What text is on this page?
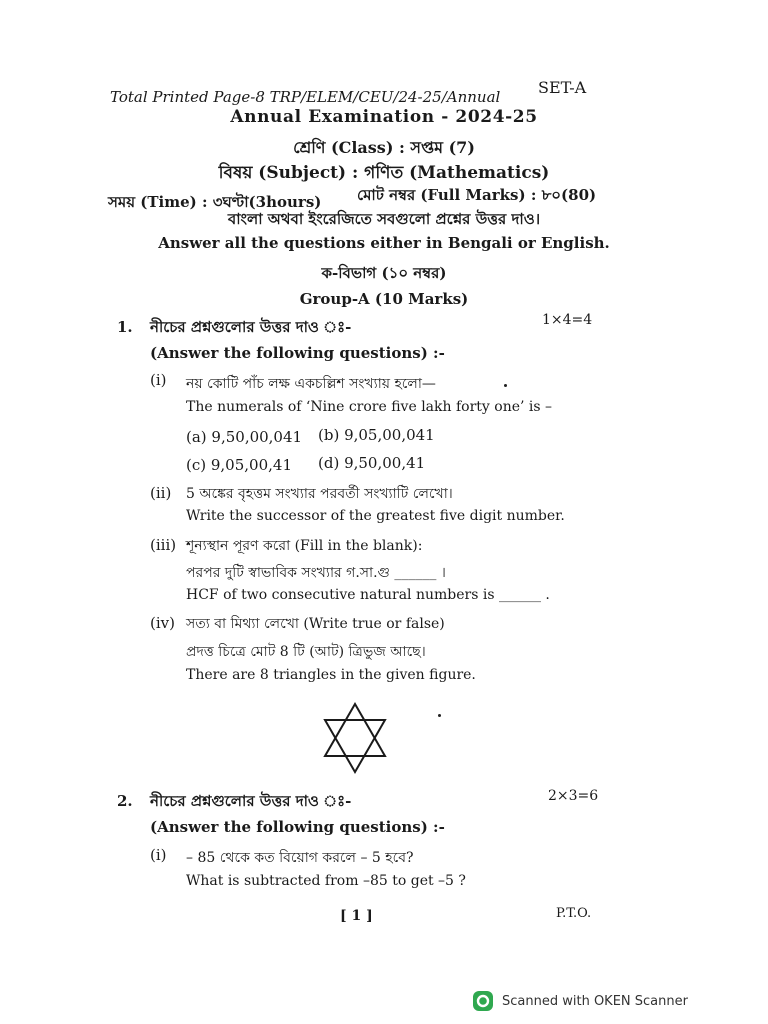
Total Printed Page-8 TRP/ELEM/CEU/24-25/Annual SET-A
Annual Examination - 2024-25
শ্রেণি (Class) : সপ্তম (7)
বিষয় (Subject) : গণিত (Mathematics)
সময় (Time) : ৩ঘণ্টা(3hours) মোট নম্বর (Full Marks) : ৮০(80)
বাংলা অথবা ইংরেজিতে সবগুলো প্রশ্নের উত্তর দাও।
Answer all the questions either in Bengali or English.
ক-বিভাগ (১০ নম্বর)
Group-A (10 Marks)
1. নীচের প্রশ্নগুলোর উত্তর দাও ঃ-	1×4=4
(Answer the following questions) :-
(i) নয় কোটি পাঁচ লক্ষ একচল্লিশ সংখ্যায় হলো—
The numerals of ‘Nine crore five lakh forty one’ is –
(a) 9,50,00,041 (b) 9,05,00,041
(c) 9,05,00,41 (d) 9,50,00,41
(ii) 5 অঙ্কের বৃহত্তম সংখ্যার পরবর্তী সংখ্যাটি লেখো।
Write the successor of the greatest five digit number.
(iii) শূন্যস্থান পূরণ করো (Fill in the blank):
পরপর দুটি স্বাভাবিক সংখ্যার গ.সা.গু ______ ।
HCF of two consecutive natural numbers is ______ .
(iv) সত্য বা মিথ্যা লেখো (Write true or false)
প্রদত্ত চিত্রে মোট 8 টি (আট) ত্রিভুজ আছে।
There are 8 triangles in the given figure.
2. নীচের প্রশ্নগুলোর উত্তর দাও ঃ-	2×3=6
(Answer the following questions) :-
(i) – 85 থেকে কত বিয়োগ করলে – 5 হবে?
What is subtracted from –85 to get –5 ?
[ 1 ]	P.T.O.
Scanned with OKEN Scanner
